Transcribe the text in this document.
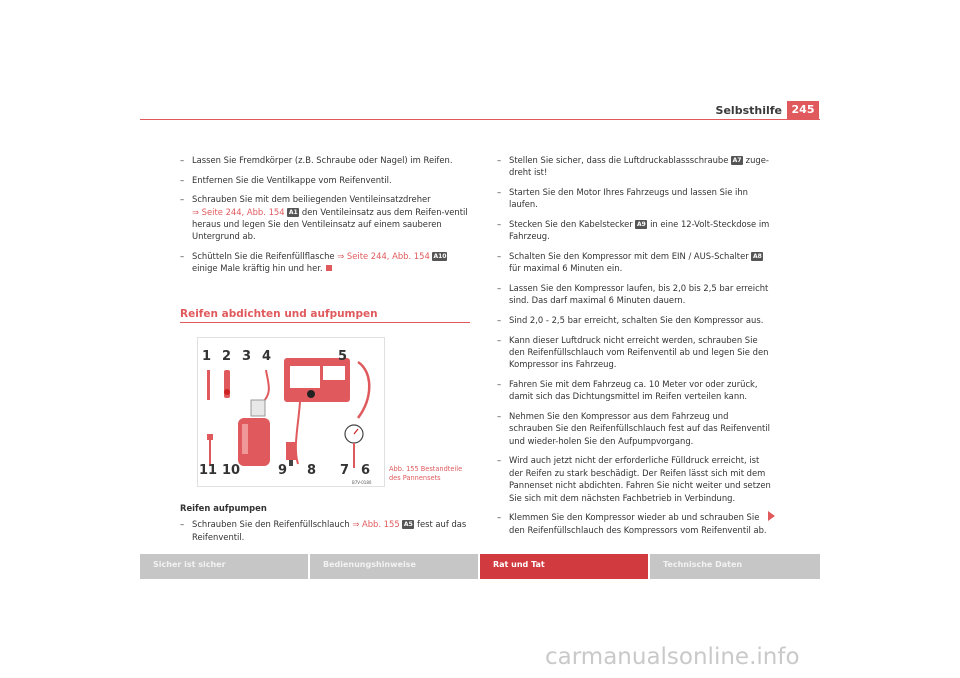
Selbsthilfe 245
– Lassen Sie Fremdkörper (z.B. Schraube oder Nagel) im Reifen.
– Entfernen Sie die Ventilkappe vom Reifenventil.
– Schrauben Sie mit dem beiliegenden Ventileinsatzdreher
⇒ Seite 244, Abb. 154 A1 den Ventileinsatz aus dem Reifen-ventil heraus und legen Sie den Ventileinsatz auf einem sauberen Untergrund ab.
– Schütteln Sie die Reifenfüllflasche ⇒ Seite 244, Abb. 154 A10 einige Male kräftig hin und her.
Reifen abdichten und aufpumpen
1 2 3 4	5
11 10	9 8 7 6
B7V-0180
Abb. 155 Bestandteile des Pannensets
Reifen aufpumpen
– Schrauben Sie den Reifenfüllschlauch ⇒ Abb. 155 A5 fest auf das Reifenventil.
– Stellen Sie sicher, dass die Luftdruckablassschraube A7 zuge-dreht ist!
– Starten Sie den Motor Ihres Fahrzeugs und lassen Sie ihn laufen.
– Stecken Sie den Kabelstecker A9 in eine 12-Volt-Steckdose im Fahrzeug.
– Schalten Sie den Kompressor mit dem EIN / AUS-Schalter A8 für maximal 6 Minuten ein.
– Lassen Sie den Kompressor laufen, bis 2,0 bis 2,5 bar erreicht sind. Das darf maximal 6 Minuten dauern.
– Sind 2,0 - 2,5 bar erreicht, schalten Sie den Kompressor aus.
– Kann dieser Luftdruck nicht erreicht werden, schrauben Sie den Reifenfüllschlauch vom Reifenventil ab und legen Sie den Kompressor ins Fahrzeug.
– Fahren Sie mit dem Fahrzeug ca. 10 Meter vor oder zurück, damit sich das Dichtungsmittel im Reifen verteilen kann.
– Nehmen Sie den Kompressor aus dem Fahrzeug und schrauben Sie den Reifenfüllschlauch fest auf das Reifenventil und wieder-holen Sie den Aufpumpvorgang.
– Wird auch jetzt nicht der erforderliche Fülldruck erreicht, ist der Reifen zu stark beschädigt. Der Reifen lässt sich mit dem Pannenset nicht abdichten. Fahren Sie nicht weiter und setzen Sie sich mit dem nächsten Fachbetrieb in Verbindung.
– Klemmen Sie den Kompressor wieder ab und schrauben Sie den Reifenfüllschlauch des Kompressors vom Reifenventil ab.
Sicher ist sicher	Bedienungshinweise	Rat und Tat	Technische Daten
carmanualsonline.info
